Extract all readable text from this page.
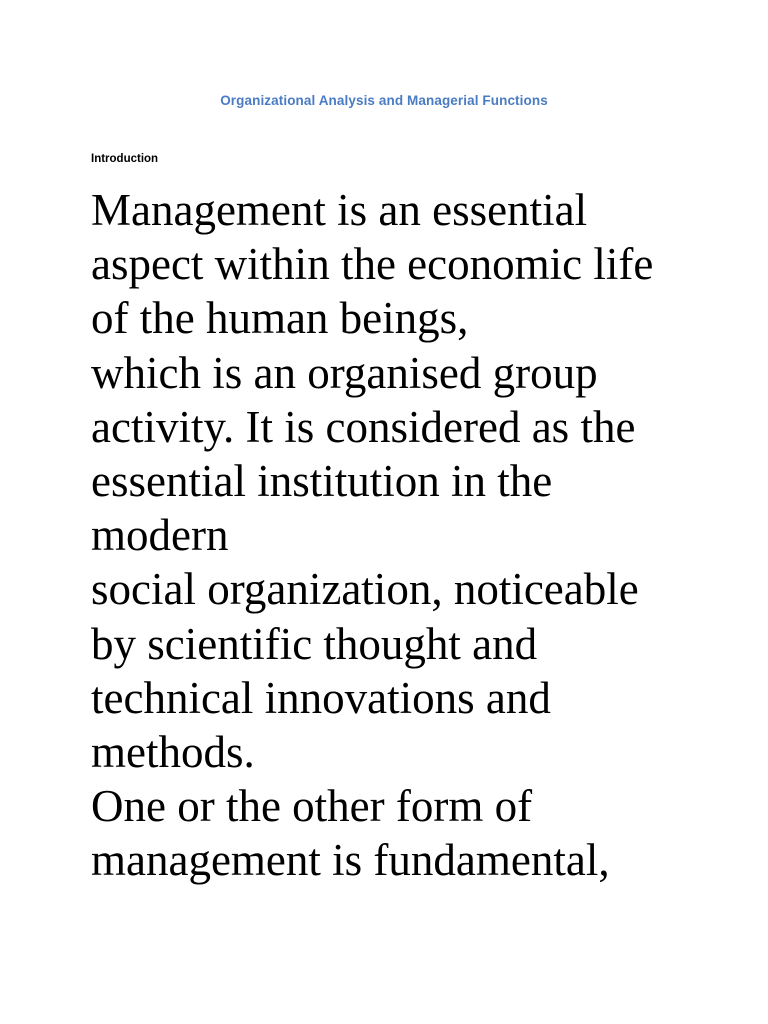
Organizational Analysis and Managerial Functions
Introduction
Management is an essential
aspect within the economic life
of the human beings,
which is an organised group
activity. It is considered as the
essential institution in the
modern
social organization, noticeable
by scientific thought and
technical innovations and
methods.
One or the other form of
management is fundamental,
